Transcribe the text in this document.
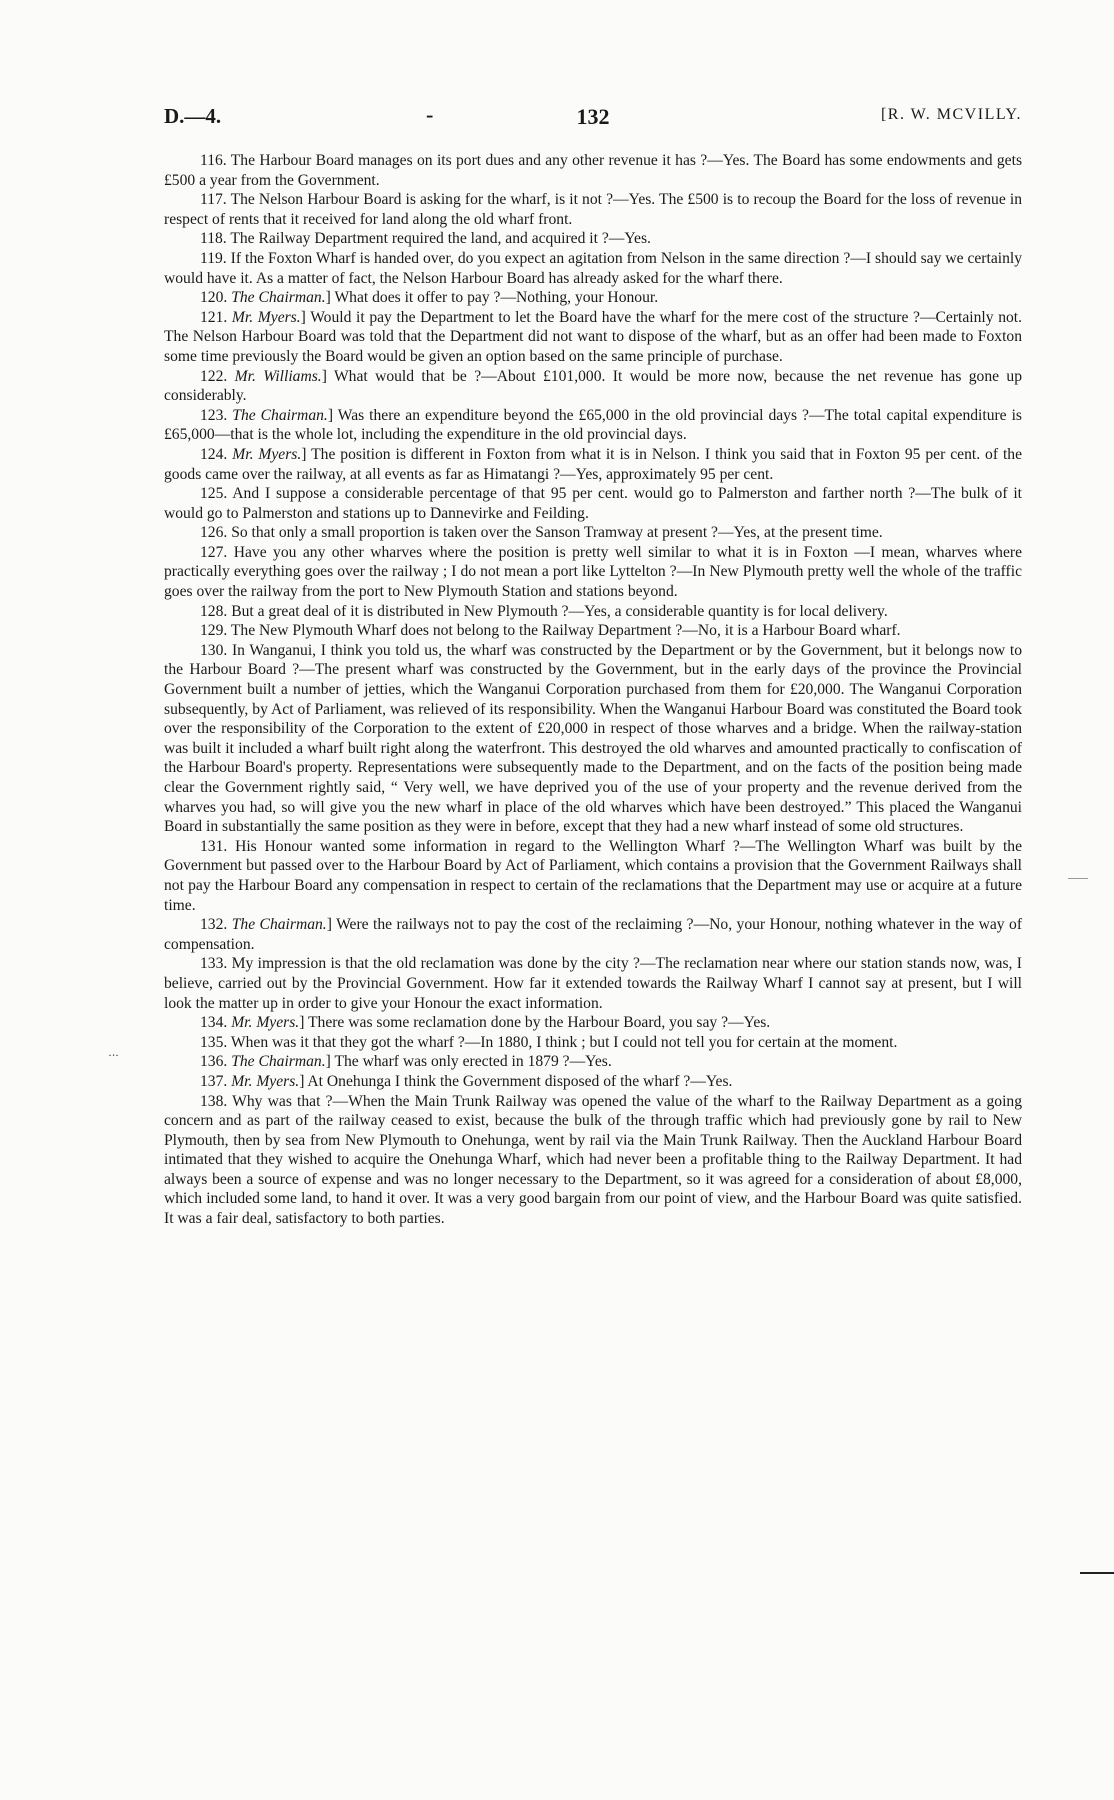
D.—4.	-	132	[R. W. MCVILLY.

116. The Harbour Board manages on its port dues and any other revenue it has ?—Yes. The Board has some endowments and gets £500 a year from the Government.

117. The Nelson Harbour Board is asking for the wharf, is it not ?—Yes. The £500 is to recoup the Board for the loss of revenue in respect of rents that it received for land along the old wharf front.

118. The Railway Department required the land, and acquired it ?—Yes.

119. If the Foxton Wharf is handed over, do you expect an agitation from Nelson in the same direction ?—I should say we certainly would have it. As a matter of fact, the Nelson Harbour Board has already asked for the wharf there.

120. The Chairman.] What does it offer to pay ?—Nothing, your Honour.

121. Mr. Myers.] Would it pay the Department to let the Board have the wharf for the mere cost of the structure ?—Certainly not. The Nelson Harbour Board was told that the Department did not want to dispose of the wharf, but as an offer had been made to Foxton some time previously the Board would be given an option based on the same principle of purchase.

122. Mr. Williams.] What would that be ?—About £101,000. It would be more now, because the net revenue has gone up considerably.

123. The Chairman.] Was there an expenditure beyond the £65,000 in the old provincial days ?—The total capital expenditure is £65,000—that is the whole lot, including the expenditure in the old provincial days.

124. Mr. Myers.] The position is different in Foxton from what it is in Nelson. I think you said that in Foxton 95 per cent. of the goods came over the railway, at all events as far as Himatangi ?—Yes, approximately 95 per cent.

125. And I suppose a considerable percentage of that 95 per cent. would go to Palmerston and farther north ?—The bulk of it would go to Palmerston and stations up to Dannevirke and Feilding.

126. So that only a small proportion is taken over the Sanson Tramway at present ?—Yes, at the present time.

127. Have you any other wharves where the position is pretty well similar to what it is in Foxton —I mean, wharves where practically everything goes over the railway ; I do not mean a port like Lyttelton ?—In New Plymouth pretty well the whole of the traffic goes over the railway from the port to New Plymouth Station and stations beyond.

128. But a great deal of it is distributed in New Plymouth ?—Yes, a considerable quantity is for local delivery.

129. The New Plymouth Wharf does not belong to the Railway Department ?—No, it is a Harbour Board wharf.

130. In Wanganui, I think you told us, the wharf was constructed by the Department or by the Government, but it belongs now to the Harbour Board ?—The present wharf was constructed by the Government, but in the early days of the province the Provincial Government built a number of jetties, which the Wanganui Corporation purchased from them for £20,000. The Wanganui Corporation subsequently, by Act of Parliament, was relieved of its responsibility. When the Wanganui Harbour Board was constituted the Board took over the responsibility of the Corporation to the extent of £20,000 in respect of those wharves and a bridge. When the railway-station was built it included a wharf built right along the waterfront. This destroyed the old wharves and amounted practically to confiscation of the Harbour Board's property. Representations were subsequently made to the Department, and on the facts of the position being made clear the Government rightly said, “ Very well, we have deprived you of the use of your property and the revenue derived from the wharves you had, so will give you the new wharf in place of the old wharves which have been destroyed.” This placed the Wanganui Board in substantially the same position as they were in before, except that they had a new wharf instead of some old structures.

131. His Honour wanted some information in regard to the Wellington Wharf ?—The Wellington Wharf was built by the Government but passed over to the Harbour Board by Act of Parliament, which contains a provision that the Government Railways shall not pay the Harbour Board any compensation in respect to certain of the reclamations that the Department may use or acquire at a future time.

132. The Chairman.] Were the railways not to pay the cost of the reclaiming ?—No, your Honour, nothing whatever in the way of compensation.

133. My impression is that the old reclamation was done by the city ?—The reclamation near where our station stands now, was, I believe, carried out by the Provincial Government. How far it extended towards the Railway Wharf I cannot say at present, but I will look the matter up in order to give your Honour the exact information.

134. Mr. Myers.] There was some reclamation done by the Harbour Board, you say ?—Yes.

135. When was it that they got the wharf ?—In 1880, I think ; but I could not tell you for certain at the moment.

136. The Chairman.] The wharf was only erected in 1879 ?—Yes.

137. Mr. Myers.] At Onehunga I think the Government disposed of the wharf ?—Yes.

138. Why was that ?—When the Main Trunk Railway was opened the value of the wharf to the Railway Department as a going concern and as part of the railway ceased to exist, because the bulk of the through traffic which had previously gone by rail to New Plymouth, then by sea from New Plymouth to Onehunga, went by rail via the Main Trunk Railway. Then the Auckland Harbour Board intimated that they wished to acquire the Onehunga Wharf, which had never been a profitable thing to the Railway Department. It had always been a source of expense and was no longer necessary to the Department, so it was agreed for a consideration of about £8,000, which included some land, to hand it over. It was a very good bargain from our point of view, and the Harbour Board was quite satisfied. It was a fair deal, satisfactory to both parties.

·∙·
